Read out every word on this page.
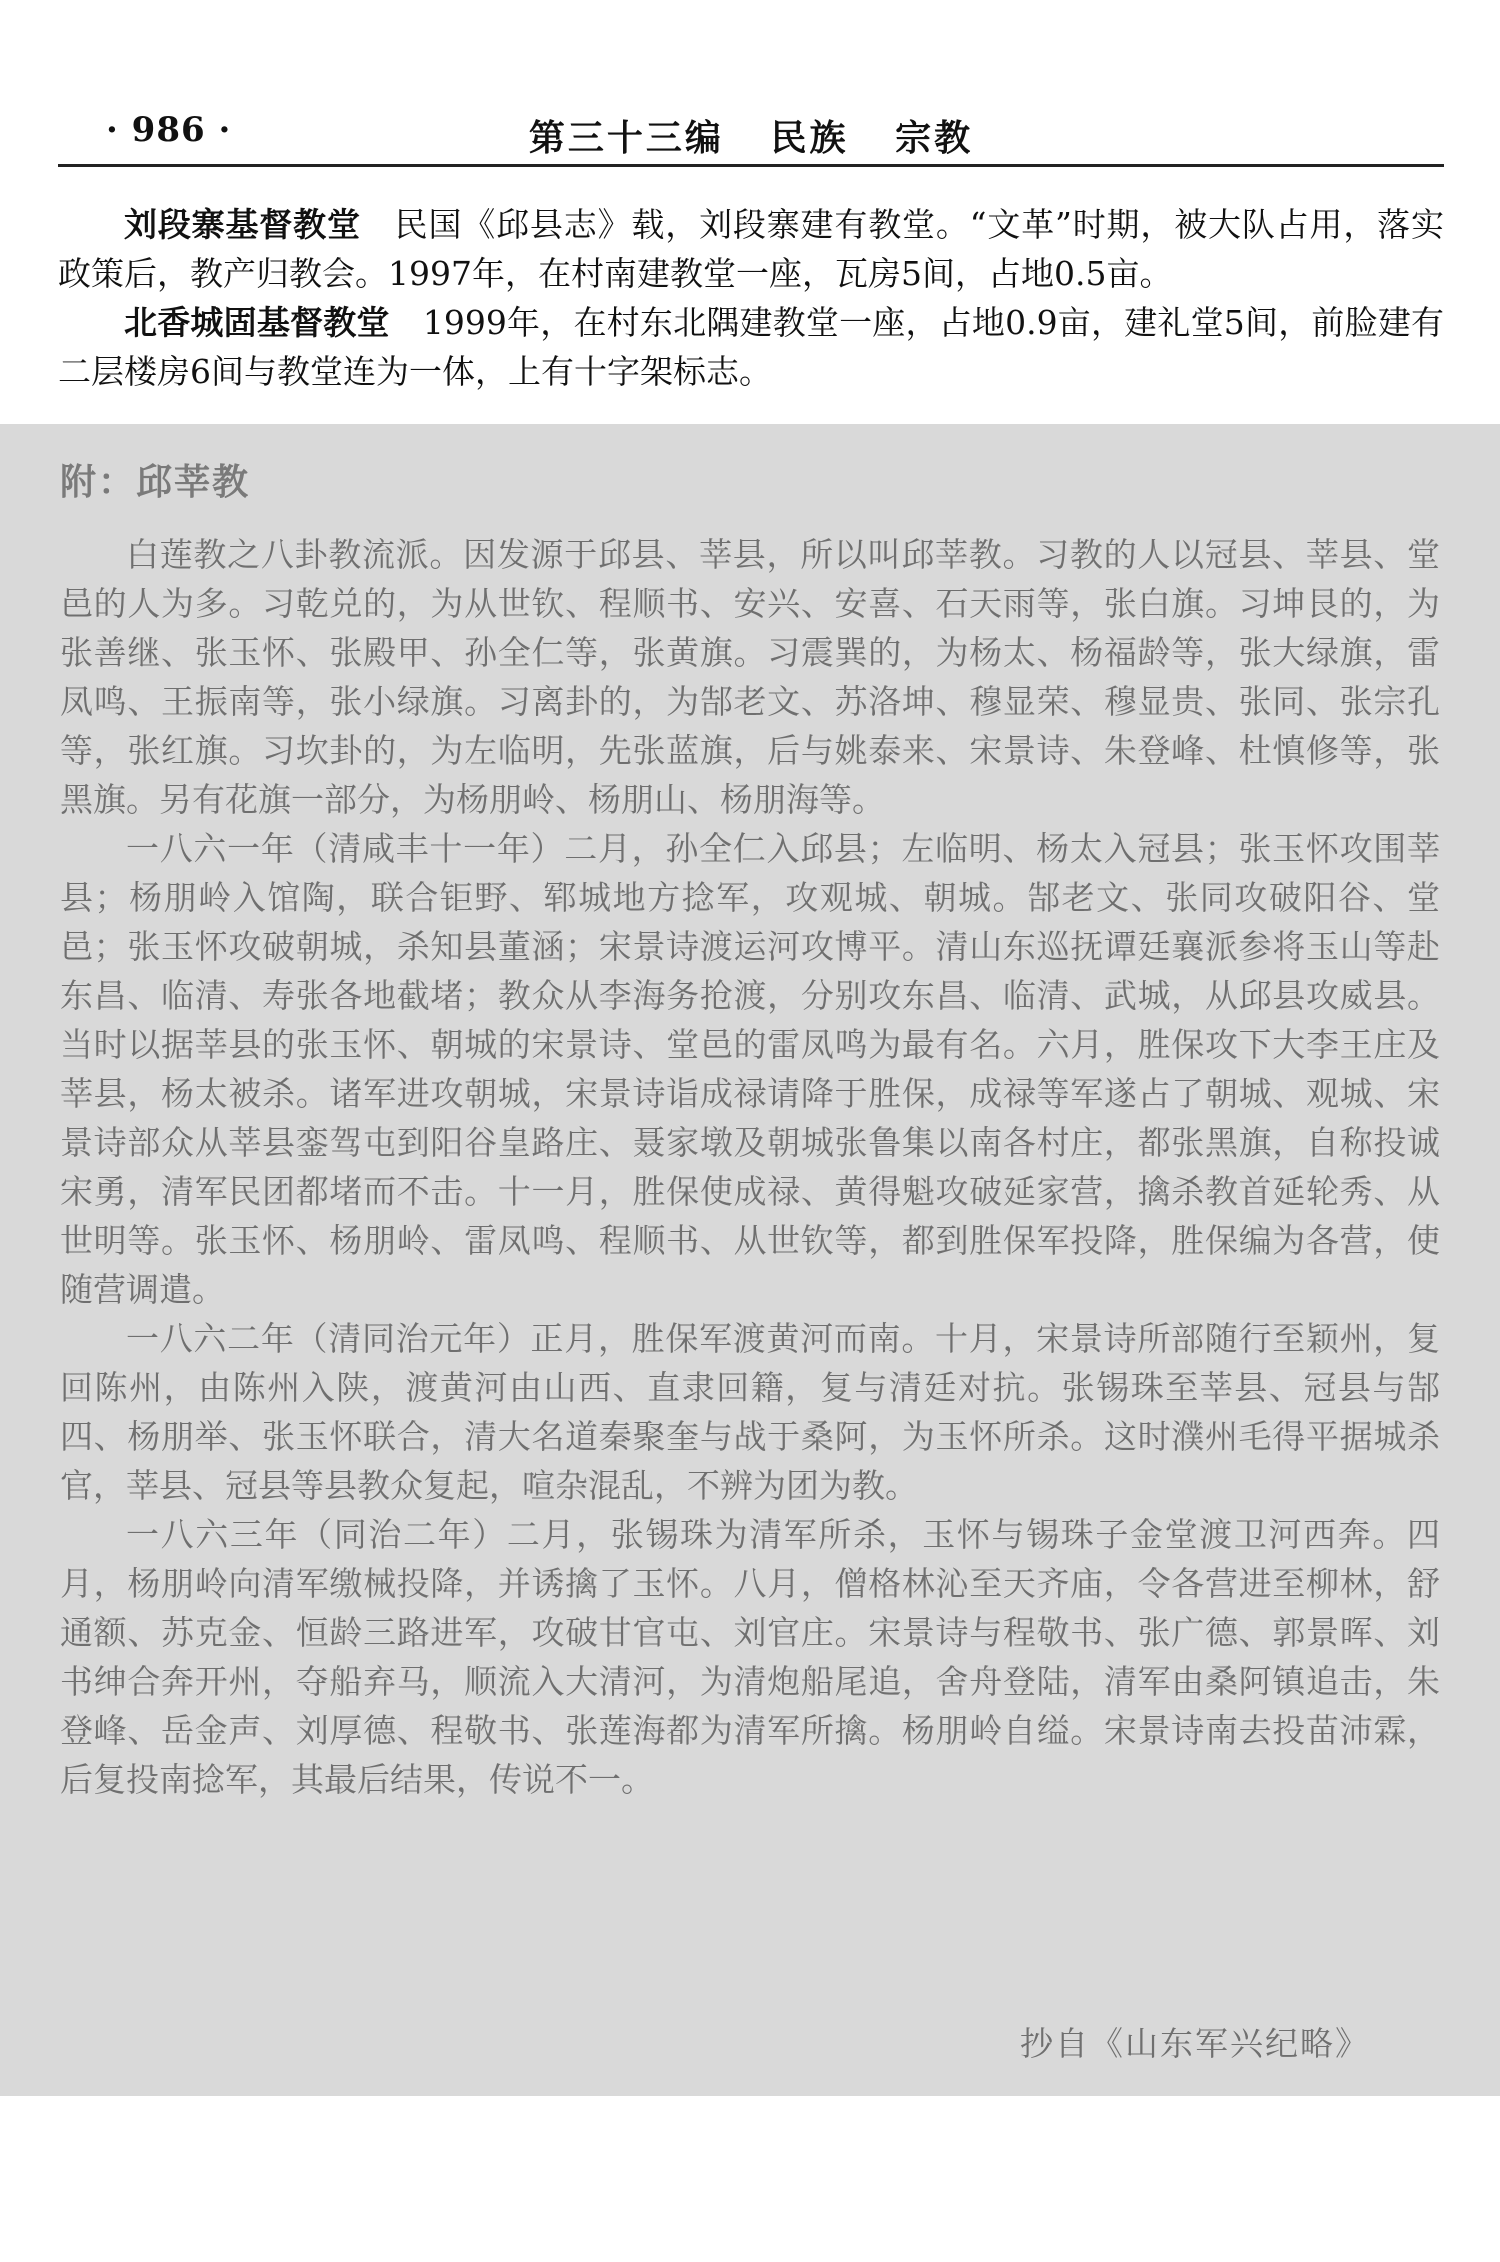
· 986 ·	第三十三编   民族   宗教

刘段寨基督教堂　 民国《邱县志》载，刘段寨建有教堂。“文革”时期，被大队占用，落实政策后，教产归教会。1997年，在村南建教堂一座，瓦房5间，占地0.5亩。

北香城固基督教堂　 1999年，在村东北隅建教堂一座，占地0.9亩，建礼堂5间，前脸建有二层楼房6间与教堂连为一体，上有十字架标志。

附：邱莘教

白莲教之八卦教流派。因发源于邱县、莘县，所以叫邱莘教。习教的人以冠县、莘县、堂邑的人为多。习乾兑的，为从世钦、程顺书、安兴、安喜、石天雨等，张白旗。习坤艮的，为张善继、张玉怀、张殿甲、孙全仁等，张黄旗。习震巽的，为杨太、杨福龄等，张大绿旗，雷凤鸣、王振南等，张小绿旗。习离卦的，为郜老文、苏洛坤、穆显荣、穆显贵、张同、张宗孔等，张红旗。习坎卦的，为左临明，先张蓝旗，后与姚泰来、宋景诗、朱登峰、杜慎修等，张黑旗。另有花旗一部分，为杨朋岭、杨朋山、杨朋海等。

一八六一年（清咸丰十一年）二月，孙全仁入邱县；左临明、杨太入冠县；张玉怀攻围莘县；杨朋岭入馆陶，联合钜野、郓城地方捻军，攻观城、朝城。郜老文、张同攻破阳谷、堂邑；张玉怀攻破朝城，杀知县董涵；宋景诗渡运河攻博平。清山东巡抚谭廷襄派参将玉山等赴东昌、临清、寿张各地截堵；教众从李海务抢渡，分别攻东昌、临清、武城，从邱县攻威县。当时以据莘县的张玉怀、朝城的宋景诗、堂邑的雷凤鸣为最有名。六月，胜保攻下大李王庄及莘县，杨太被杀。诸军进攻朝城，宋景诗诣成禄请降于胜保，成禄等军遂占了朝城、观城、宋景诗部众从莘县銮驾屯到阳谷皇路庄、聂家墩及朝城张鲁集以南各村庄，都张黑旗，自称投诚宋勇，清军民团都堵而不击。十一月，胜保使成禄、黄得魁攻破延家营，擒杀教首延轮秀、从世明等。张玉怀、杨朋岭、雷凤鸣、程顺书、从世钦等，都到胜保军投降，胜保编为各营，使随营调遣。

一八六二年（清同治元年）正月，胜保军渡黄河而南。十月，宋景诗所部随行至颖州，复回陈州，由陈州入陕，渡黄河由山西、直隶回籍，复与清廷对抗。张锡珠至莘县、冠县与郜四、杨朋举、张玉怀联合，清大名道秦聚奎与战于桑阿，为玉怀所杀。这时濮州毛得平据城杀官，莘县、冠县等县教众复起，喧杂混乱，不辨为团为教。

一八六三年（同治二年）二月，张锡珠为清军所杀，玉怀与锡珠子金堂渡卫河西奔。四月，杨朋岭向清军缴械投降，并诱擒了玉怀。八月，僧格林沁至天齐庙，令各营进至柳林，舒通额、苏克金、恒龄三路进军，攻破甘官屯、刘官庄。宋景诗与程敬书、张广德、郭景晖、刘书绅合奔开州，夺船弃马，顺流入大清河，为清炮船尾追，舍舟登陆，清军由桑阿镇追击，朱登峰、岳金声、刘厚德、程敬书、张莲海都为清军所擒。杨朋岭自缢。宋景诗南去投苗沛霖，后复投南捻军，其最后结果，传说不一。

抄自《山东军兴纪略》
